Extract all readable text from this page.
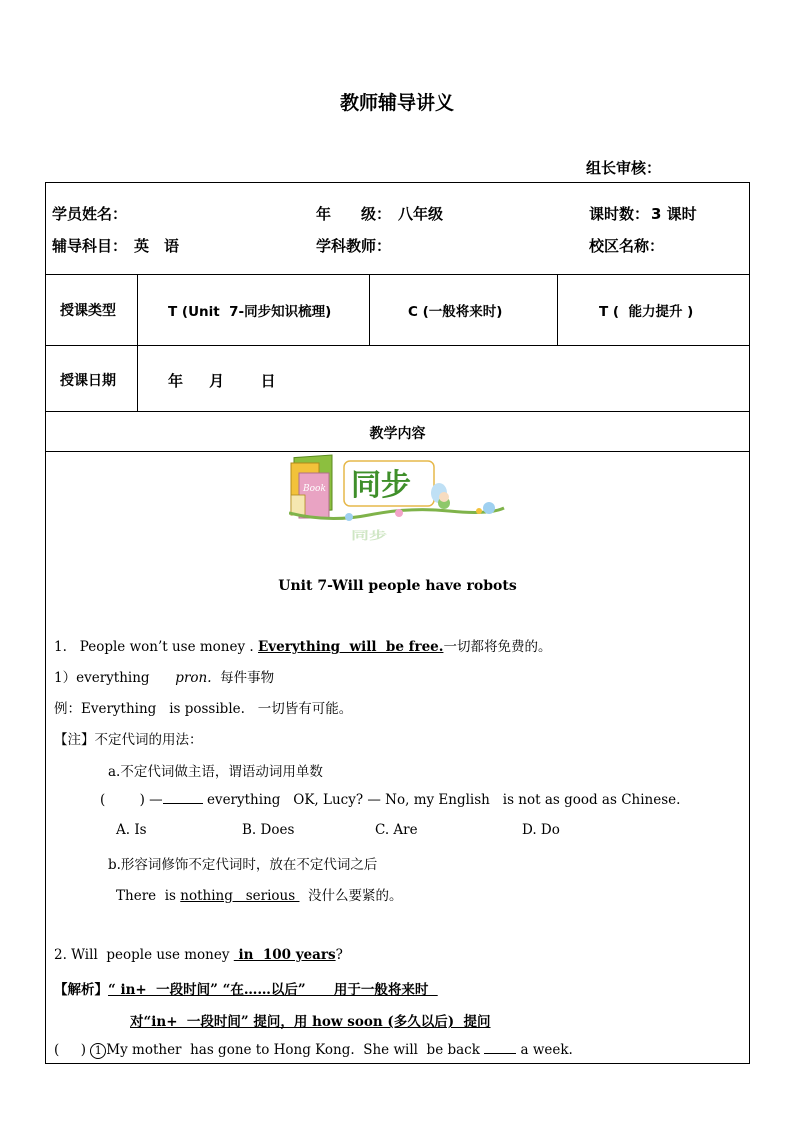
教师辅导讲义
组长审核：
学员姓名：	年　　级： 八年级	课时数： 3 课时
辅导科目： 英　语	学科教师：	校区名称：
授课类型	T (Unit  7-同步知识梳理)	C (一般将来时)	T (  能力提升 )
授课日期	年     月       日
教学内容
Book 同步
同步
Unit 7-Will people have robots
1.   People won’t use money . Everything  will  be free.一切都将免费的。
1）everything      pron.  每件事物
例：Everything   is possible.   一切皆有可能。
【注】不定代词的用法：
a.不定代词做主语，谓语动词用单数
(        ) —	everything   OK, Lucy? — No, my English   is not as good as Chinese.
A. Is	B. Does	C. Are	D. Do
b.形容词修饰不定代词时，放在不定代词之后
There  is nothing   serious   没什么要紧的。
2. Will  people use money  in  100 years?
【解析】“ in+  一段时间” “在……以后”      用于一般将来时
对“in+  一段时间” 提问，用 how soon (多久以后)  提问
(     ) 1 My mother  has gone to Hong Kong.  She will  be back  a week.
